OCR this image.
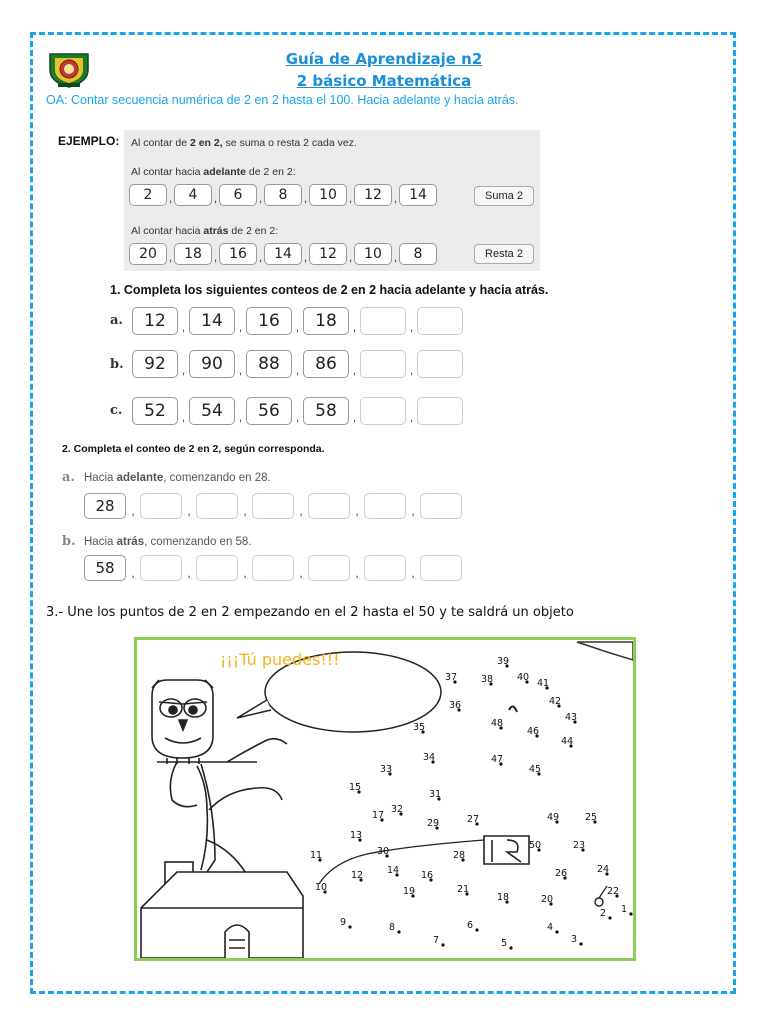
Guía de Aprendizaje n2
2 básico Matemática
OA: Contar secuencia numérica de 2 en 2 hasta el 100. Hacia adelante y hacia atrás.
EJEMPLO: Al contar de 2 en 2, se suma o resta 2 cada vez.
Al contar hacia adelante de 2 en 2:
2	,	4	,	6	,	8	, 10	, 12	, 14	Suma 2
Al contar hacia atrás de 2 en 2:
20	, 18	, 16	, 14	, 12	, 10	,	8	Resta 2
1. Completa los siguientes conteos de 2 en 2 hacia adelante y hacia atrás.
a.	12	, 14	, 16	, 18	,	,
b.	92	, 90	, 88	, 86	,	,
c.	52	, 54	, 56	, 58	,	,
2. Completa el conteo de 2 en 2, según corresponda.
a. Hacia adelante, comenzando en 28.
28	,	,	,	,	,	,
b. Hacia atrás, comenzando en 58.
58	,	,	,	,	,	,
3.- Une los puntos de 2 en 2 empezando en el 2 hasta el 50 y te saldrá un objeto
1
2
3
4
5
6
7
8
9
10
11
12
13
14
15
16
17
18
19
20
21	22
23
24
25
26
27
28
29
30
31
32
33
34
35
36
37	38
39
40
41
42
43
44
45
46
47
48
49
50
¡¡¡Tú puedes!!!
